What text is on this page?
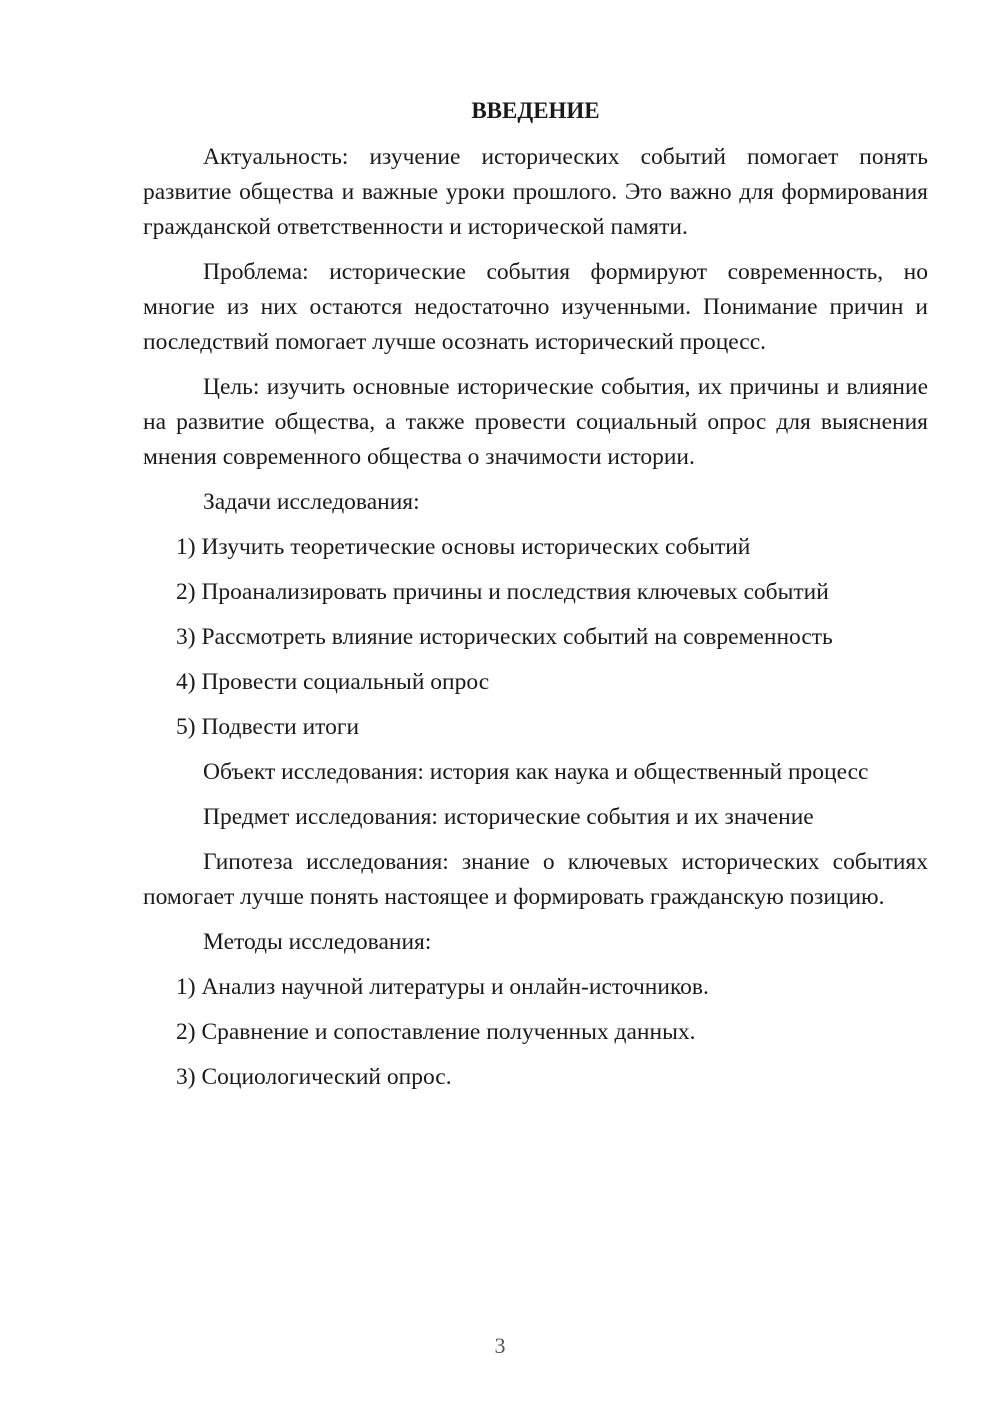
ВВЕДЕНИЕ

Актуальность: изучение исторических событий помогает понять развитие общества и важные уроки прошлого. Это важно для формирования гражданской ответственности и исторической памяти.

Проблема: исторические события формируют современность, но многие из них остаются недостаточно изученными. Понимание причин и последствий помогает лучше осознать исторический процесс.

Цель: изучить основные исторические события, их причины и влияние на развитие общества, а также провести социальный опрос для выяснения мнения современного общества о значимости истории.

Задачи исследования:

1) Изучить теоретические основы исторических событий

2) Проанализировать причины и последствия ключевых событий

3) Рассмотреть влияние исторических событий на современность

4) Провести социальный опрос

5) Подвести итоги

Объект исследования: история как наука и общественный процесс

Предмет исследования: исторические события и их значение

Гипотеза исследования: знание о ключевых исторических событиях помогает лучше понять настоящее и формировать гражданскую позицию.

Методы исследования:

1) Анализ научной литературы и онлайн-источников.

2) Сравнение и сопоставление полученных данных.

3) Социологический опрос.

3
